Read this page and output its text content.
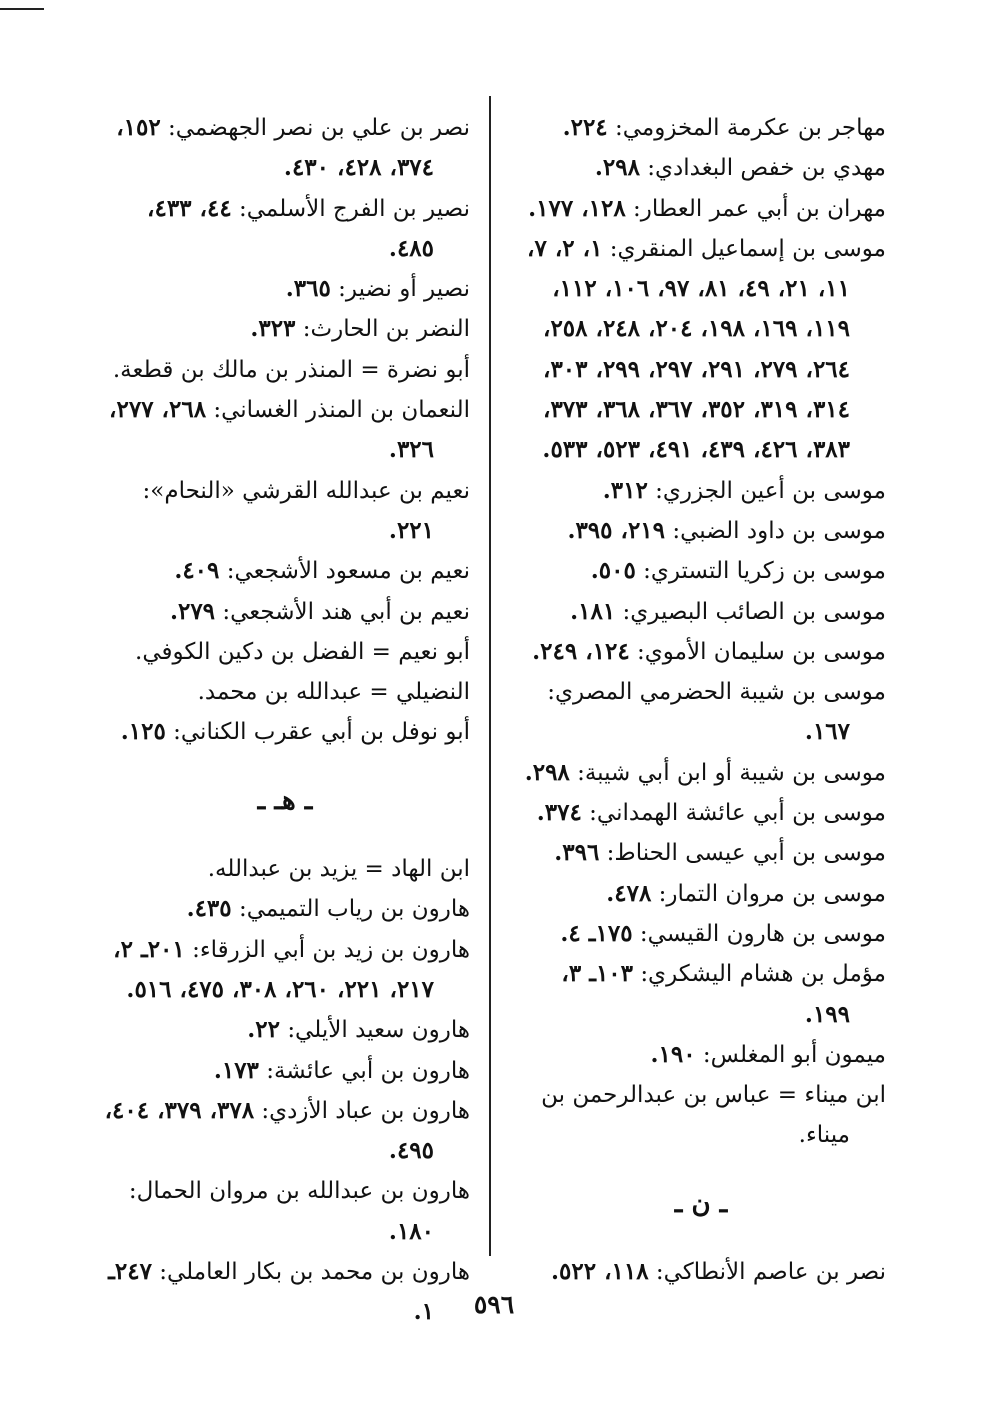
مهاجر بن عكرمة المخزومي: ٢٢٤.

مهدي بن خفص البغدادي: ٢٩٨.

مهران بن أبي عمر العطار: ١٢٨، ١٧٧.

موسى بن إسماعيل المنقري: ١، ٢، ٧، ١١، ٢١، ٤٩، ٨١، ٩٧، ١٠٦، ١١٢، ١١٩، ١٦٩، ١٩٨، ٢٠٤، ٢٤٨، ٢٥٨، ٢٦٤، ٢٧٩، ٢٩١، ٢٩٧، ٢٩٩، ٣٠٣، ٣١٤، ٣١٩، ٣٥٢، ٣٦٧، ٣٦٨، ٣٧٣، ٣٨٣، ٤٢٦، ٤٣٩، ٤٩١، ٥٢٣، ٥٣٣.

موسى بن أعين الجزري: ٣١٢.

موسى بن داود الضبي: ٢١٩، ٣٩٥.

موسى بن زكريا التستري: ٥٠٥.

موسى بن الصائب البصيري: ١٨١.

موسى بن سليمان الأموي: ١٢٤، ٢٤٩.

موسى بن شيبة الحضرمي المصري: ١٦٧.

موسى بن شيبة أو ابن أبي شيبة: ٢٩٨.

موسى بن أبي عائشة الهمداني: ٣٧٤.

موسى بن أبي عيسى الحناط: ٣٩٦.

موسى بن مروان التمار: ٤٧٨.

موسى بن هارون القيسي: ١٧٥ـ ٤.

مؤمل بن هشام اليشكري: ١٠٣ـ ٣، ١٩٩.

ميمون أبو المغلس: ١٩٠.

ابن ميناء = عباس بن عبدالرحمن بن ميناء.

ـ ن ـ

نصر بن عاصم الأنطاكي: ١١٨، ٥٢٢.

نصر بن علي بن نصر الجهضمي: ١٥٢، ٣٧٤، ٤٢٨، ٤٣٠.

نصير بن الفرج الأسلمي: ٤٤، ٤٣٣، ٤٨٥.

نصير أو نضير: ٣٦٥.

النضر بن الحارث: ٣٢٣.

أبو نضرة = المنذر بن مالك بن قطعة.

النعمان بن المنذر الغساني: ٢٦٨، ٢٧٧، ٣٢٦.

نعيم بن عبدالله القرشي «النحام»: ٢٢١.

نعيم بن مسعود الأشجعي: ٤٠٩.

نعيم بن أبي هند الأشجعي: ٢٧٩.

أبو نعيم = الفضل بن دكين الكوفي.

النضيلي = عبدالله بن محمد.

أبو نوفل بن أبي عقرب الكناني: ١٢٥.

ـ هـ ـ

ابن الهاد = يزيد بن عبدالله.

هارون بن رياب التميمي: ٤٣٥.

هارون بن زيد بن أبي الزرقاء: ٢٠١ـ ٢، ٢١٧، ٢٢١، ٢٦٠، ٣٠٨، ٤٧٥، ٥١٦.

هارون سعيد الأيلي: ٢٢.

هارون بن أبي عائشة: ١٧٣.

هارون بن عباد الأزدي: ٣٧٨، ٣٧٩، ٤٠٤، ٤٩٥.

هارون بن عبدالله بن مروان الحمال: ١٨٠.

هارون بن محمد بن بكار العاملي: ٢٤٧ـ ١.	٥٩٦
